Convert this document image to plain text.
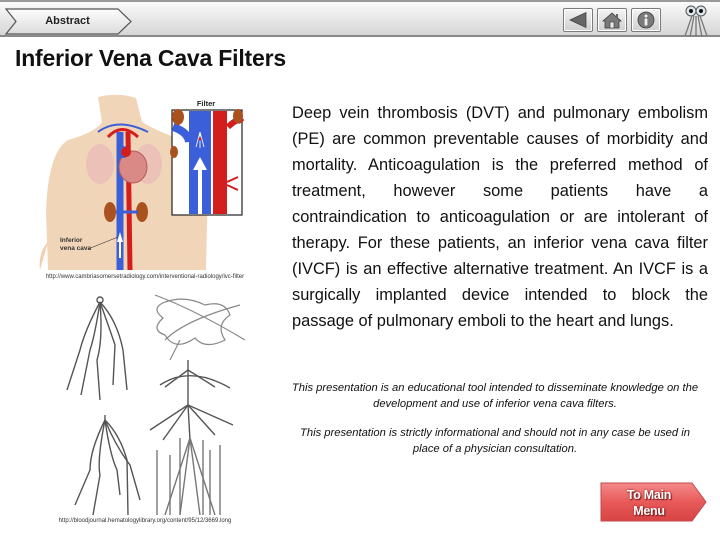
Abstract
Inferior Vena Cava Filters
Filter
Inferior
vena cava
http://www.cambriasomersetradiology.com/interventional-radiology/ivc-filter
http://bloodjournal.hematologylibrary.org/content/95/12/3669.long
Deep vein thrombosis (DVT) and pulmonary embolism (PE) are common preventable causes of morbidity and mortality. Anticoagulation is the preferred method of treatment, however some patients have a contraindication to anticoagulation or are intolerant of therapy. For these patients, an inferior vena cava filter (IVCF) is an effective alternative treatment. An IVCF is a surgically implanted device intended to block the passage of pulmonary emboli to the heart and lungs.

This presentation is an educational tool intended to disseminate knowledge on the development and use of inferior vena cava filters.

This presentation is strictly informational and should not in any case be used in place of a physician consultation.

To Main
Menu
